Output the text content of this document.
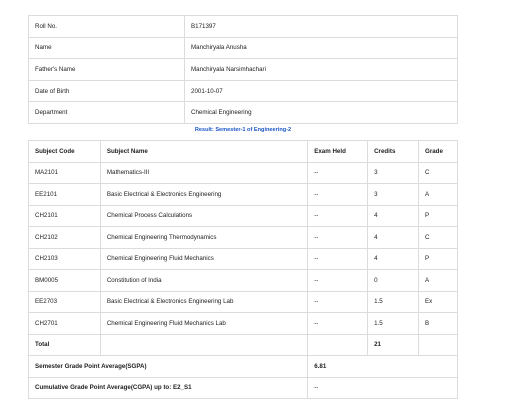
Roll No.	B171397
Name	Manchiryala Anusha
Father's Name	Manchiryala Narsimhachari
Date of Birth	2001-10-07
Department	Chemical Engineering
Result: Semester-1 of Engineering-2
Subject Code	Subject Name	Exam Held	Credits	Grade
MA2101	Mathematics-III	--	3	C
EE2101	Basic Electrical & Electronics Engineering	--	3	A
CH2101	Chemical Process Calculations	--	4	P
CH2102	Chemical Engineering Thermodynamics	--	4	C
CH2103	Chemical Engineering Fluid Mechanics	--	4	P
BM0005	Constitution of India	--	0	A
EE2703	Basic Electrical & Electronics Engineering Lab	--	1.5	Ex
CH2701	Chemical Engineering Fluid Mechanics Lab	--	1.5	B
Total			21	
Semester Grade Point Average(SGPA)		6.81		
Cumulative Grade Point Average(CGPA) up to: E2_S1		--		
